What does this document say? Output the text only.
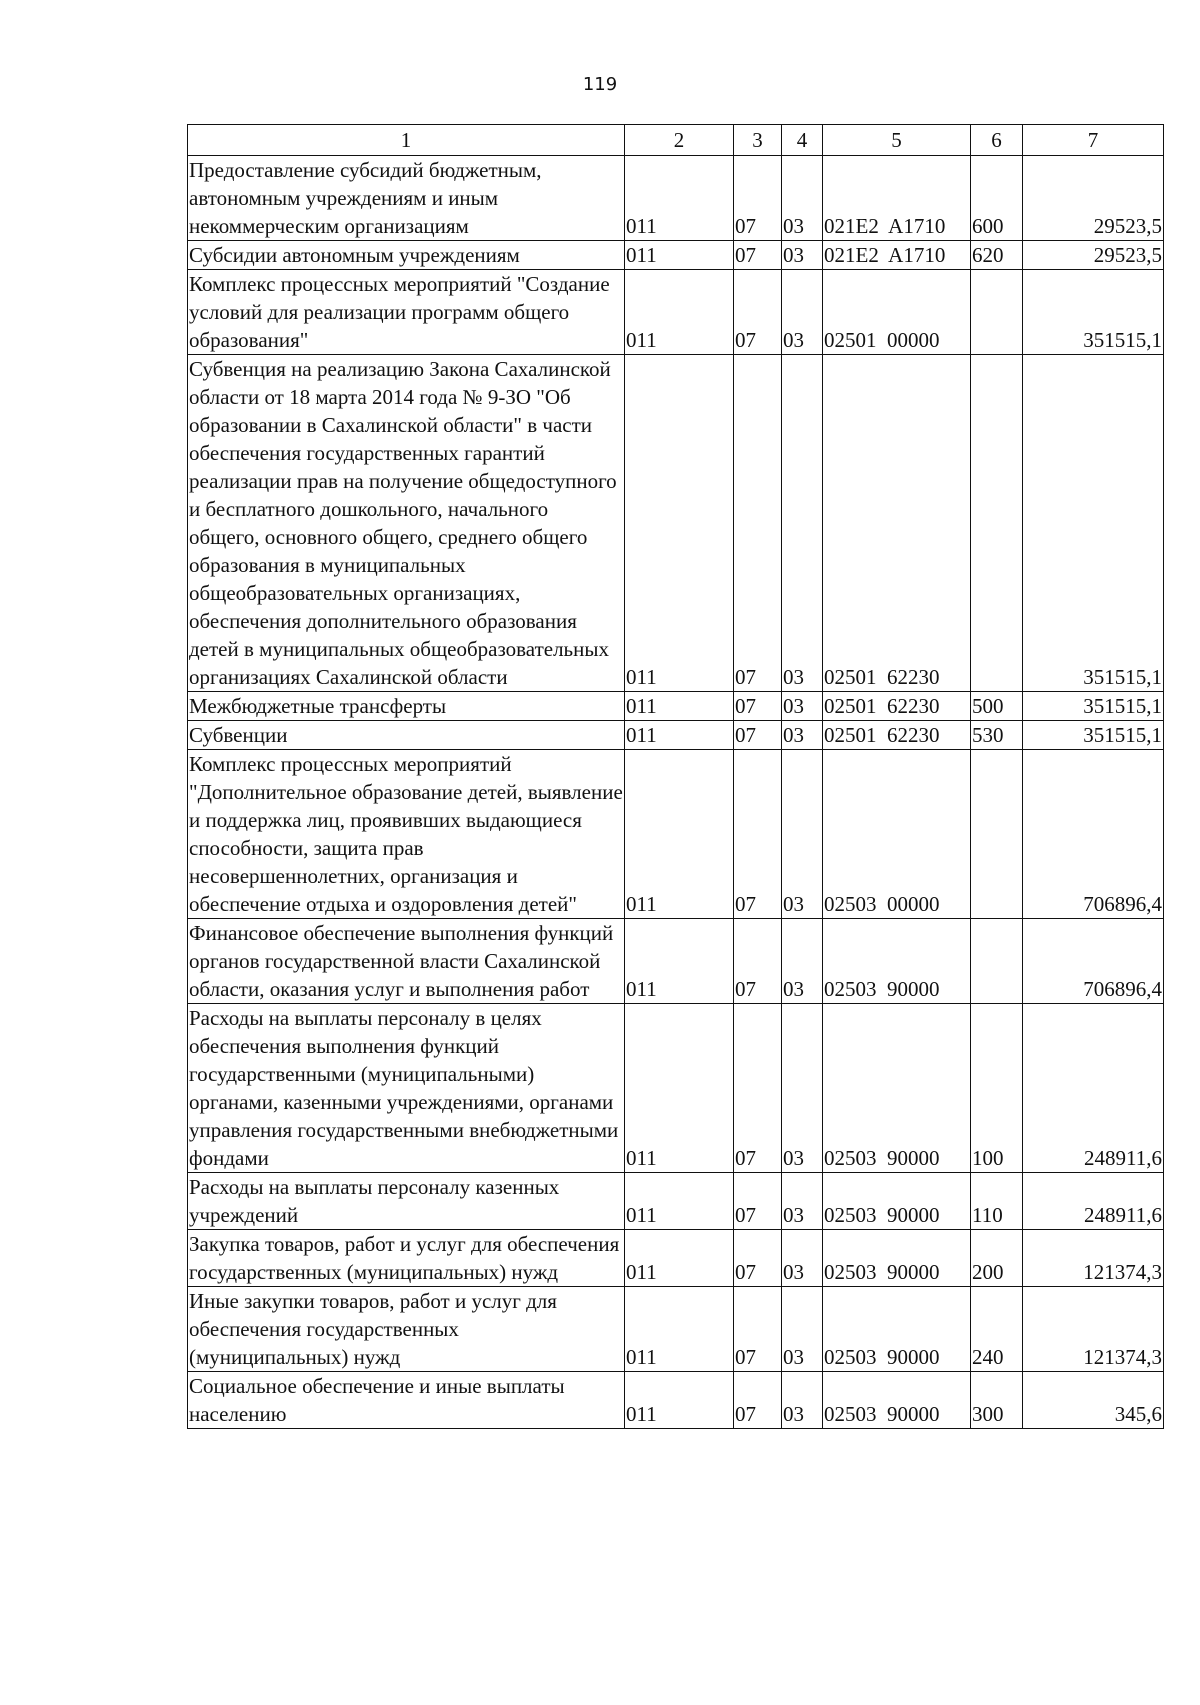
119
1	2	3	4	5	6	7
Предоставление субсидий бюджетным, автономным учреждениям и иным некоммерческим организациям	011	07	03	021E2  A1710	600	29523,5
Субсидии автономным учреждениям	011	07	03	021E2  A1710	620	29523,5
Комплекс процессных мероприятий "Создание условий для реализации программ общего образования"	011	07	03	02501  00000		351515,1
Субвенция на реализацию Закона Сахалинской области от 18 марта 2014 года № 9-ЗО "Об образовании в Сахалинской области" в части обеспечения государственных гарантий реализации прав на получение общедоступного и бесплатного дошкольного, начального общего, основного общего, среднего общего образования в муниципальных общеобразовательных организациях, обеспечения дополнительного образования детей в муниципальных общеобразовательных организациях Сахалинской области	011	07	03	02501  62230		351515,1
Межбюджетные трансферты	011	07	03	02501  62230	500	351515,1
Субвенции	011	07	03	02501  62230	530	351515,1
Комплекс процессных мероприятий "Дополнительное образование детей, выявление и поддержка лиц, проявивших выдающиеся способности, защита прав несовершеннолетних, организация и обеспечение отдыха и оздоровления детей"	011	07	03	02503  00000		706896,4
Финансовое обеспечение выполнения функций органов государственной власти Сахалинской области, оказания услуг и выполнения работ	011	07	03	02503  90000		706896,4
Расходы на выплаты персоналу в целях обеспечения выполнения функций государственными (муниципальными) органами, казенными учреждениями, органами управления государственными внебюджетными фондами	011	07	03	02503  90000	100	248911,6
Расходы на выплаты персоналу казенных учреждений	011	07	03	02503  90000	110	248911,6
Закупка товаров, работ и услуг для обеспечения государственных (муниципальных) нужд	011	07	03	02503  90000	200	121374,3
Иные закупки товаров, работ и услуг для обеспечения государственных (муниципальных) нужд	011	07	03	02503  90000	240	121374,3
Социальное обеспечение и иные выплаты населению	011	07	03	02503  90000	300	345,6
